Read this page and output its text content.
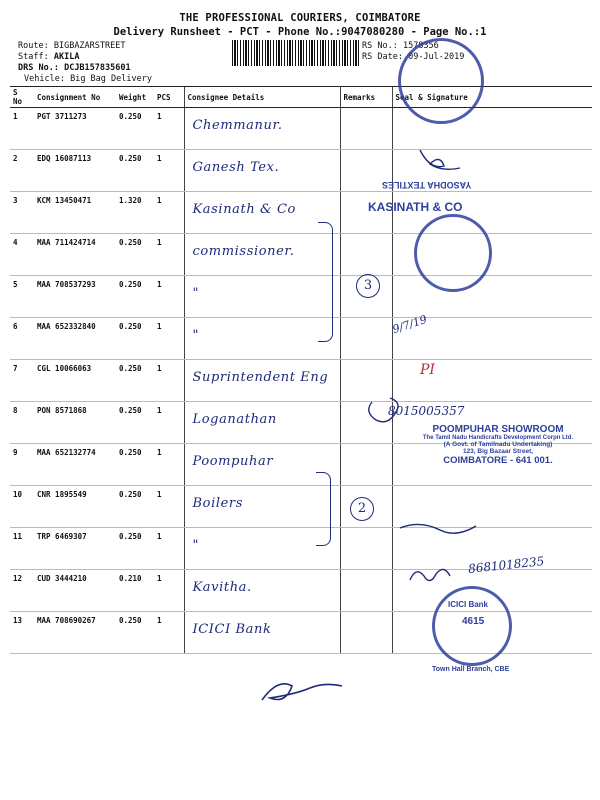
THE PROFESSIONAL COURIERS, COIMBATORE
Delivery Runsheet - PCT - Phone No.:9047080280 - Page No.:1
Route: BIGBAZARSTREET
Staff: AKILA
DRS No.: DCJB157835601
Vehicle: Big Bag Delivery
RS No.: 1578356
RS Date: 09-Jul-2019
S No	Consignment No	Weight	PCS	Consignee Details	Remarks	Seal & Signature
1	PGT 3711273	0.250	1	Chemmanur.		

2	EDQ 16087113	0.250	1	Ganesh Tex.		

3	KCM 13450471	1.320	1	Kasinath & Co		

4	MAA 711424714	0.250	1	commissioner.		

5	MAA 708537293	0.250	1	"		

6	MAA 652332840	0.250	1	"		

7	CGL 10066063	0.250	1	Suprintendent Eng		

8	PON 8571868	0.250	1	Loganathan		

9	MAA 652132774	0.250	1	Poompuhar		

10	CNR 1895549	0.250	1	Boilers		

11	TRP 6469307	0.250	1	"		

12	CUD 3444210	0.210	1	Kavitha.		

13	MAA 708690267	0.250	1	ICICI Bank		

3
2
YASODHA TEXTILES
KASINATH & CO
POOMPUHAR SHOWROOM
The Tamil Nadu Handicrafts Development Corpn Ltd.
(A Govt. of Tamilnadu Undertaking)
123, Big Bazaar Street,
COIMBATORE - 641 001.
ICICI Bank
4615
Town Hall Branch, CBE
9/7/19
PI
8015005357
8681018235
